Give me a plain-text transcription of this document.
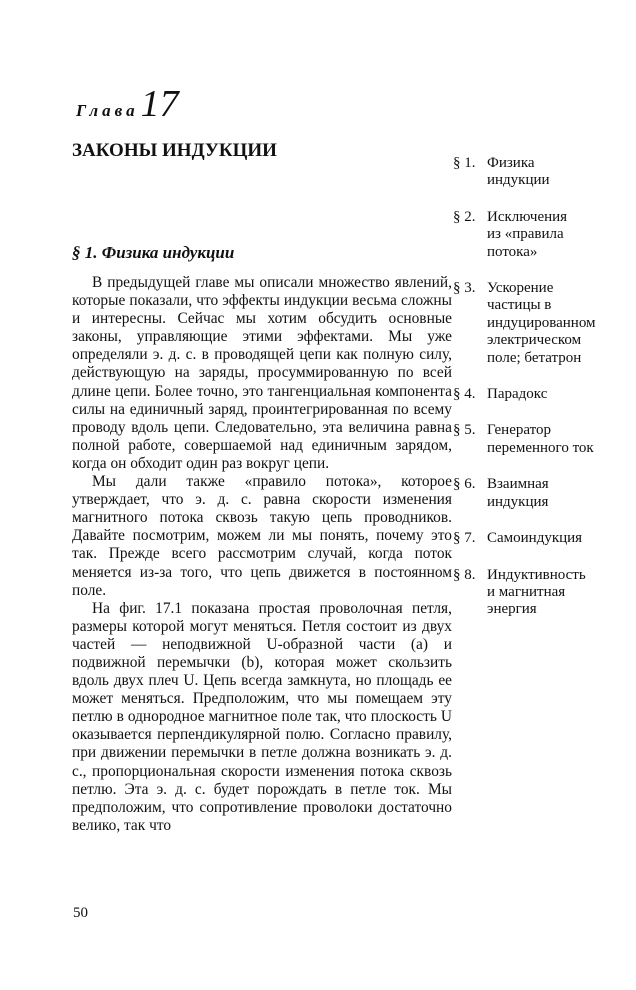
Глава17
ЗАКОНЫ ИНДУКЦИИ
§ 1. Физика индукции

В предыдущей главе мы описали множество явлений, которые показали, что эффекты индукции весьма сложны и интересны. Сейчас мы хотим обсудить основные законы, управляющие этими эффектами. Мы уже определяли э. д. с. в проводящей цепи как полную силу, действующую на заряды, просуммированную по всей длине цепи. Более точно, это тангенциальная компонента силы на единичный заряд, проинтегрированная по всему проводу вдоль цепи. Следовательно, эта величина равна полной работе, совершаемой над единичным зарядом, когда он обходит один раз вокруг цепи.

Мы дали также «правило потока», которое утверждает, что э. д. с. равна скорости изменения магнитного потока сквозь такую цепь проводников. Давайте посмотрим, можем ли мы понять, почему это так. Прежде всего рассмотрим случай, когда поток меняется из-за того, что цепь движется в постоянном поле.

На фиг. 17.1 показана простая проволочная петля, размеры которой могут меняться. Петля состоит из двух частей — неподвижной U-образной части (a) и подвижной перемычки (b), которая может скользить вдоль двух плеч U. Цепь всегда замкнута, но площадь ее может меняться. Предположим, что мы помещаем эту петлю в однородное магнитное поле так, что плоскость U оказывается перпендикулярной полю. Согласно правилу, при движении перемычки в петле должна возникать э. д. с., пропорциональная скорости изменения потока сквозь петлю. Эта э. д. с. будет порождать в петле ток. Мы предположим, что сопротивление проволоки достаточно велико, так что

§ 1. Физика
индукции
§ 2. Исключения
из «правила
потока»
§ 3. Ускорение
частицы в
индуцированном
электрическом
поле; бетатрон
§ 4. Парадокс
§ 5. Генератор
переменного ток
§ 6. Взаимная
индукция
§ 7. Самоиндукция
§ 8. Индуктивность
и магнитная
энергия
50
